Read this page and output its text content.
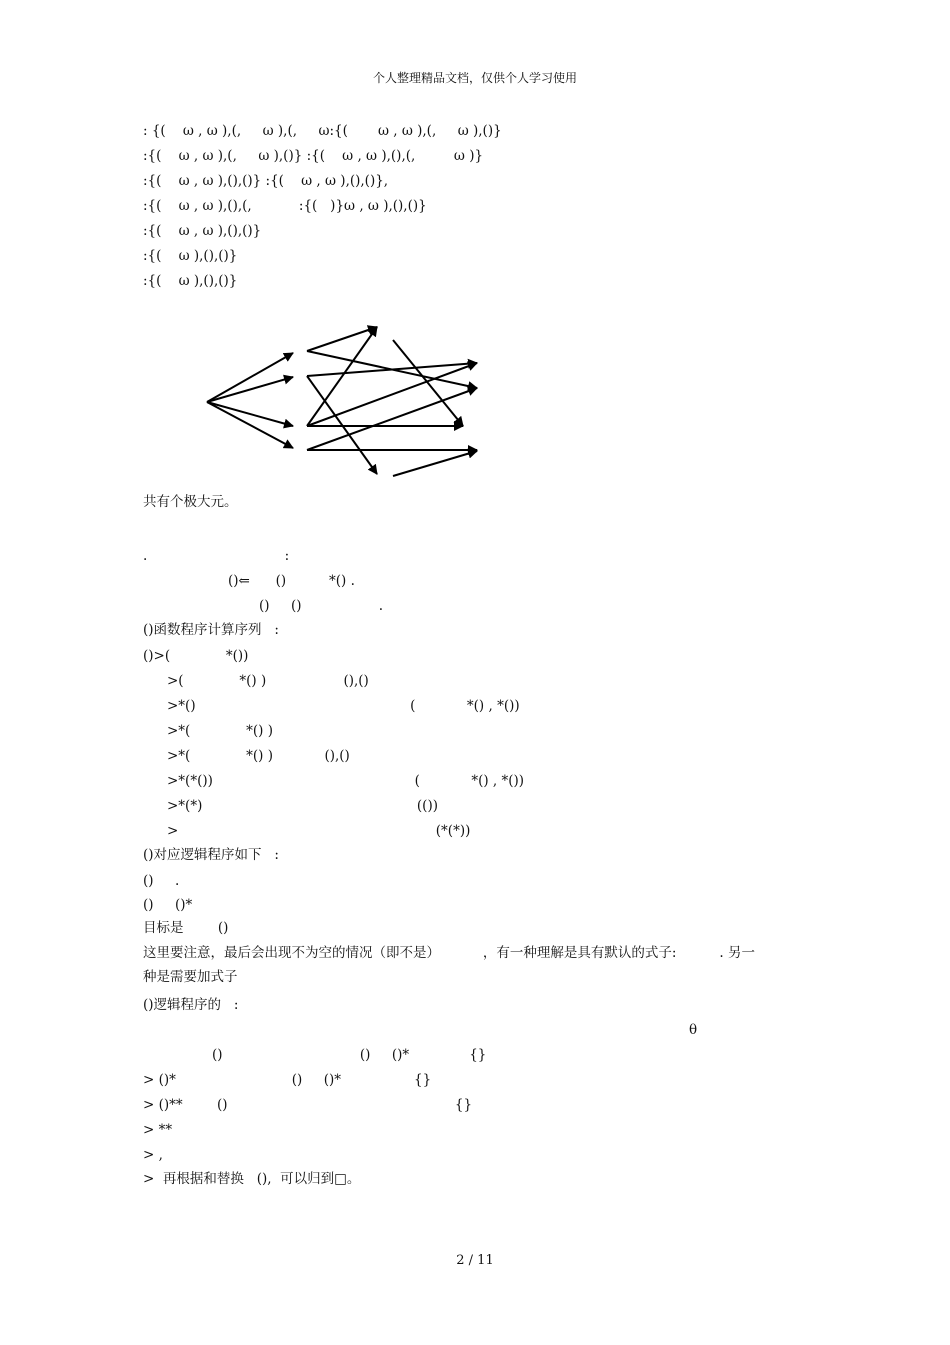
个人整理精品文档，仅供个人学习使用
: {(    ω , ω ),(,     ω ),(,     ω:{(       ω , ω ),(,     ω ),()}
:{(    ω , ω ),(,     ω ),()} :{(    ω , ω ),(),(,         ω )}
:{(    ω , ω ),(),()} :{(    ω , ω ),(),()},
:{(    ω , ω ),(),(,           :{(   )}ω , ω ),(),()}
:{(    ω , ω ),(),()}
:{(    ω ),(),()}
:{(    ω ),(),()}
共有个极大元。
.                                :
()⇐      ()          *() .
()     ()                  .
()函数程序计算序列   :
()>(             *())
>(             *() )                  (),()
>*()                                                  (            *() , *())
>*(             *() )
>*(             *() )            (),()
>*(*())                                               (            *() , *())
>*(*)                                                  (())
>                                                            (*(*))
()对应逻辑程序如下   :
()     .
()     ()*
目标是        ()
这里要注意，最后会出现不为空的情况（即不是）          ，有一种理解是具有默认的式子:          . 另一
种是需要加式子
()逻辑程序的   :
θ
()                                ()     ()*              {}
> ()*                           ()     ()*                 {}
> ()**        ()                                                     {}
> **
> ,
>  再根据和替换   (),  可以归到□。
2 / 11
